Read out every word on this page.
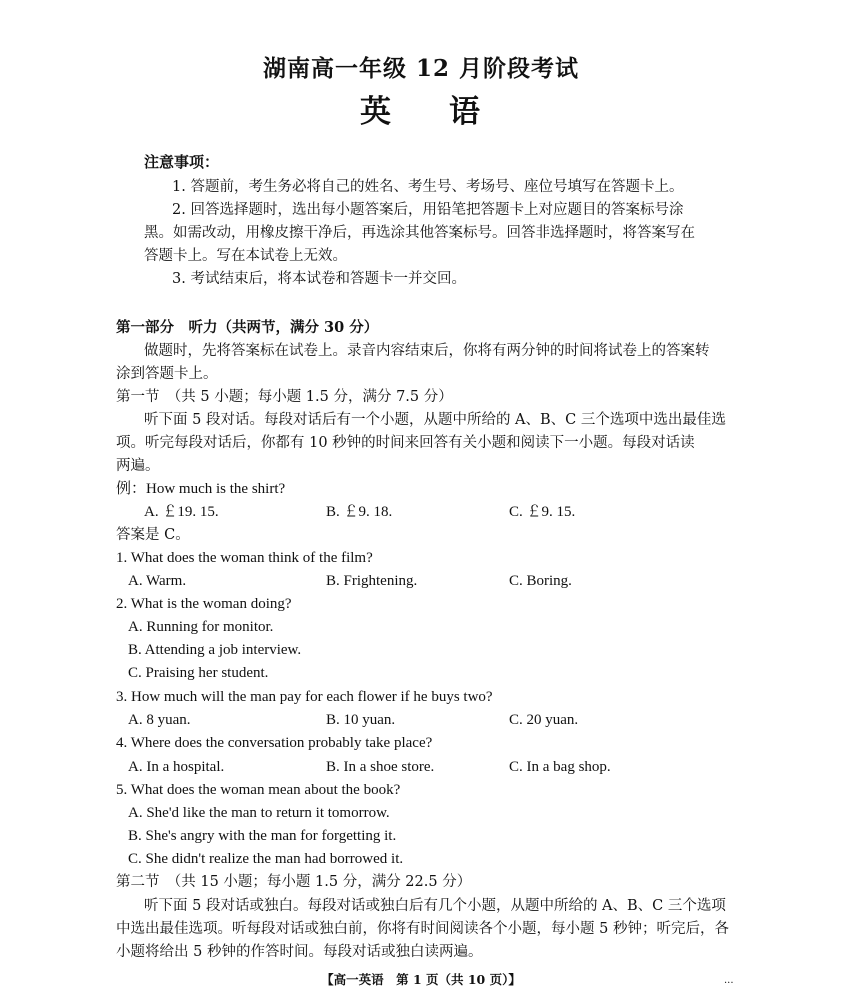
湖南高一年级 12 月阶段考试
英 语
注意事项：
1. 答题前，考生务必将自己的姓名、考生号、考场号、座位号填写在答题卡上。
2. 回答选择题时，选出每小题答案后，用铅笔把答题卡上对应题目的答案标号涂
黑。如需改动，用橡皮擦干净后，再选涂其他答案标号。回答非选择题时，将答案写在
答题卡上。写在本试卷上无效。
3. 考试结束后，将本试卷和答题卡一并交回。
第一部分　听力（共两节，满分 30 分）
做题时，先将答案标在试卷上。录音内容结束后，你将有两分钟的时间将试卷上的答案转
涂到答题卡上。
第一节　（共 5 小题；每小题 1.5 分，满分 7.5 分）
听下面 5 段对话。每段对话后有一个小题，从题中所给的 A、B、C 三个选项中选出最佳选
项。听完每段对话后，你都有 10 秒钟的时间来回答有关小题和阅读下一小题。每段对话读
两遍。
例：How much is the shirt?
A. ￡19. 15.	B. ￡9. 18.	C. ￡9. 15.
答案是 C。
1. What does the woman think of the film?
A. Warm.	B. Frightening.	C. Boring.
2. What is the woman doing?
A. Running for monitor.
B. Attending a job interview.
C. Praising her student.
3. How much will the man pay for each flower if he buys two?
A. 8 yuan.	B. 10 yuan.	C. 20 yuan.
4. Where does the conversation probably take place?
A. In a hospital.	B. In a shoe store.	C. In a bag shop.
5. What does the woman mean about the book?
A. She'd like the man to return it tomorrow.
B. She's angry with the man for forgetting it.
C. She didn't realize the man had borrowed it.
第二节　（共 15 小题；每小题 1.5 分，满分 22.5 分）
听下面 5 段对话或独白。每段对话或独白后有几个小题，从题中所给的 A、B、C 三个选项
中选出最佳选项。听每段对话或独白前，你将有时间阅读各个小题，每小题 5 秒钟；听完后，各
小题将给出 5 秒钟的作答时间。每段对话或独白读两遍。
【高一英语　第 1 页（共 10 页）】	...
